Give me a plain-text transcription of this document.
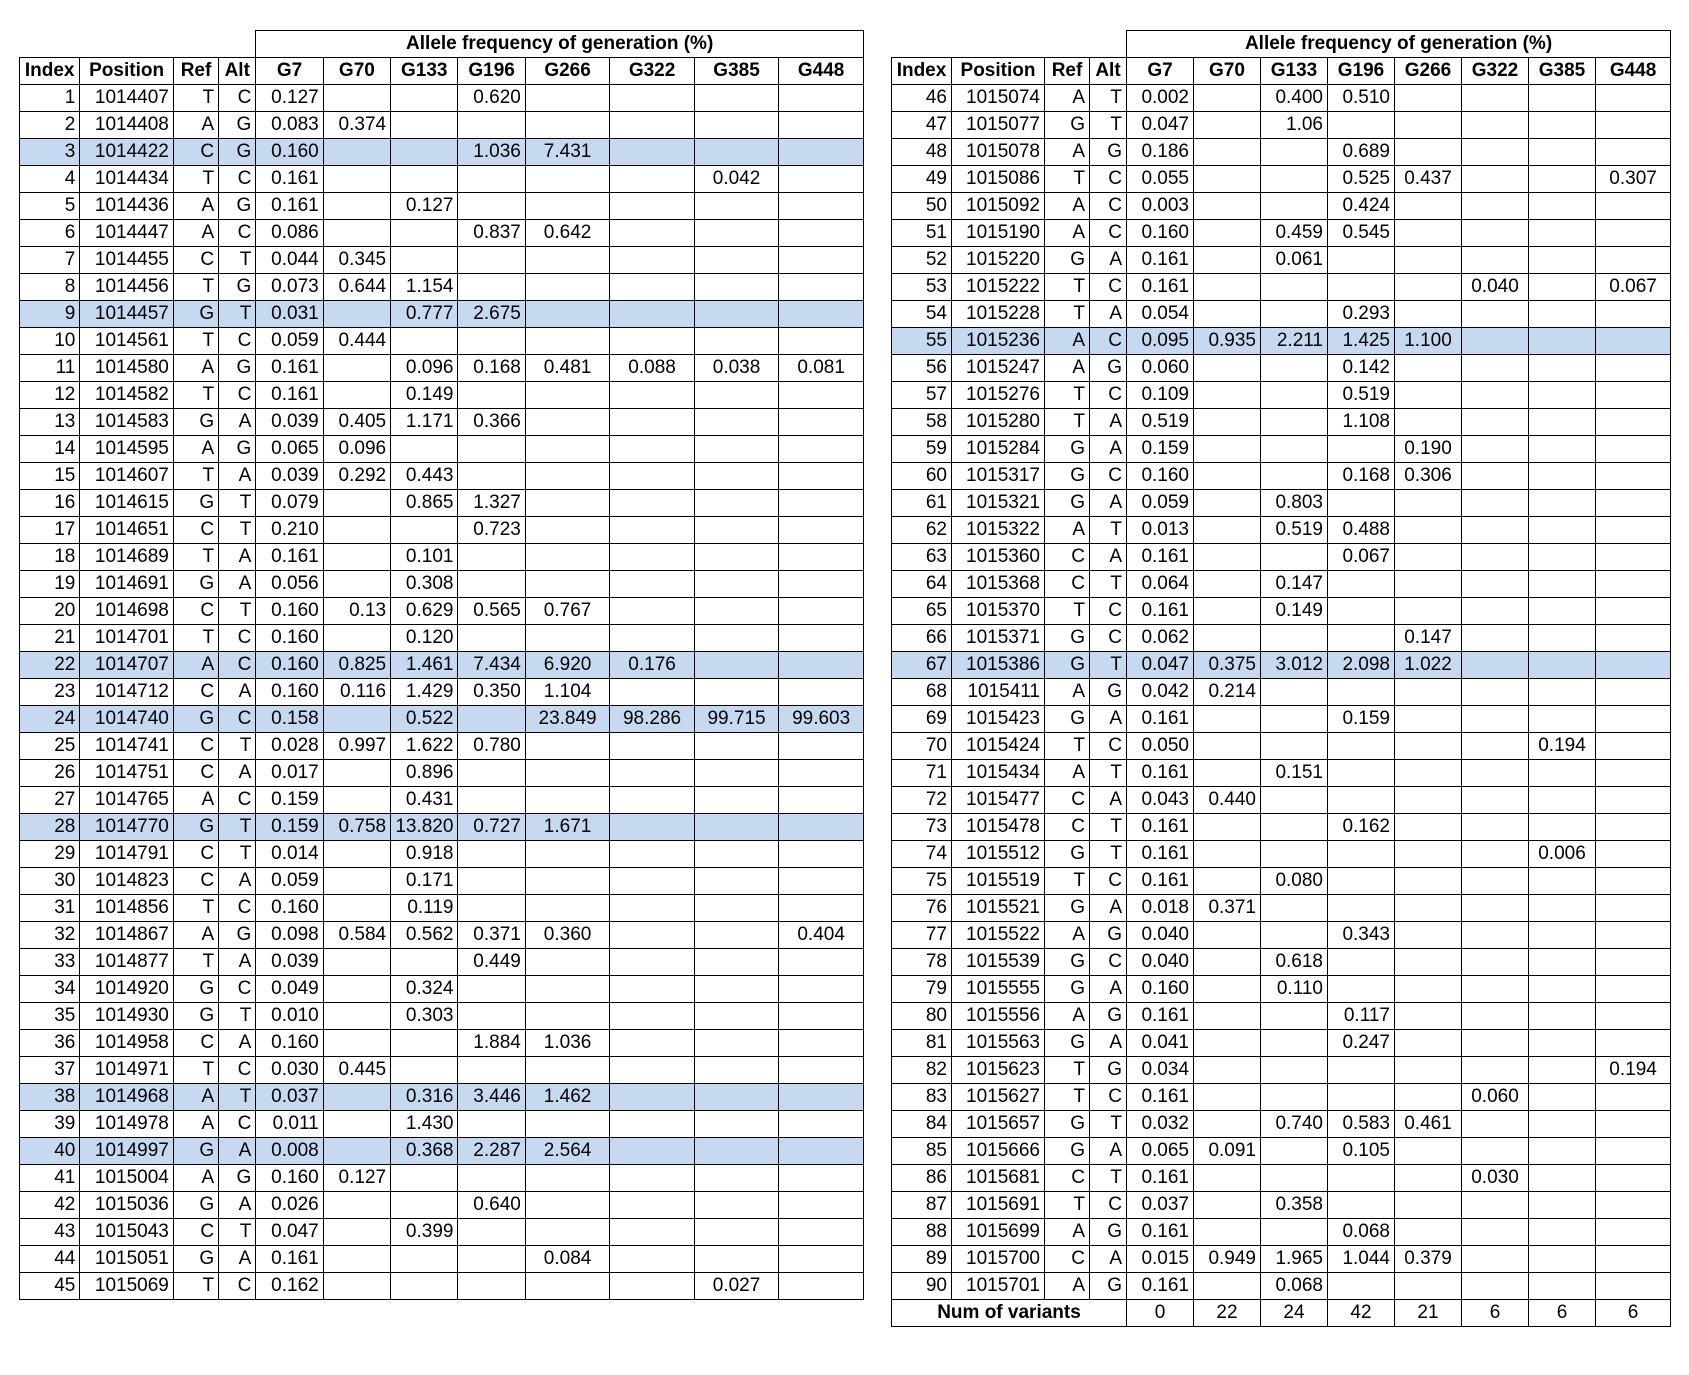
				Allele frequency of generation (%)							
Index	Position	Ref	Alt	G7	G70	G133	G196	G266	G322	G385	G448
1	1014407	T	C	0.127			0.620				
2	1014408	A	G	0.083	0.374						
3	1014422	C	G	0.160			1.036	7.431			
4	1014434	T	C	0.161						0.042	
5	1014436	A	G	0.161		0.127					
6	1014447	A	C	0.086			0.837	0.642			
7	1014455	C	T	0.044	0.345						
8	1014456	T	G	0.073	0.644	1.154					
9	1014457	G	T	0.031		0.777	2.675				
10	1014561	T	C	0.059	0.444						
11	1014580	A	G	0.161		0.096	0.168	0.481	0.088	0.038	0.081
12	1014582	T	C	0.161		0.149					
13	1014583	G	A	0.039	0.405	1.171	0.366				
14	1014595	A	G	0.065	0.096						
15	1014607	T	A	0.039	0.292	0.443					
16	1014615	G	T	0.079		0.865	1.327				
17	1014651	C	T	0.210			0.723				
18	1014689	T	A	0.161		0.101					
19	1014691	G	A	0.056		0.308					
20	1014698	C	T	0.160	0.13	0.629	0.565	0.767			
21	1014701	T	C	0.160		0.120					
22	1014707	A	C	0.160	0.825	1.461	7.434	6.920	0.176		
23	1014712	C	A	0.160	0.116	1.429	0.350	1.104			
24	1014740	G	C	0.158		0.522		23.849	98.286	99.715	99.603
25	1014741	C	T	0.028	0.997	1.622	0.780				
26	1014751	C	A	0.017		0.896					
27	1014765	A	C	0.159		0.431					
28	1014770	G	T	0.159	0.758	13.820	0.727	1.671			
29	1014791	C	T	0.014		0.918					
30	1014823	C	A	0.059		0.171					
31	1014856	T	C	0.160		0.119					
32	1014867	A	G	0.098	0.584	0.562	0.371	0.360			0.404
33	1014877	T	A	0.039			0.449				
34	1014920	G	C	0.049		0.324					
35	1014930	G	T	0.010		0.303					
36	1014958	C	A	0.160			1.884	1.036			
37	1014971	T	C	0.030	0.445						
38	1014968	A	T	0.037		0.316	3.446	1.462			
39	1014978	A	C	0.011		1.430					
40	1014997	G	A	0.008		0.368	2.287	2.564			
41	1015004	A	G	0.160	0.127						
42	1015036	G	A	0.026			0.640				
43	1015043	C	T	0.047		0.399					
44	1015051	G	A	0.161				0.084			
45	1015069	T	C	0.162						0.027	
				Allele frequency of generation (%)							
Index	Position	Ref	Alt	G7	G70	G133	G196	G266	G322	G385	G448
46	1015074	A	T	0.002		0.400	0.510				
47	1015077	G	T	0.047		1.06					
48	1015078	A	G	0.186			0.689				
49	1015086	T	C	0.055			0.525	0.437			0.307
50	1015092	A	C	0.003			0.424				
51	1015190	A	C	0.160		0.459	0.545				
52	1015220	G	A	0.161		0.061					
53	1015222	T	C	0.161					0.040		0.067
54	1015228	T	A	0.054			0.293				
55	1015236	A	C	0.095	0.935	2.211	1.425	1.100			
56	1015247	A	G	0.060			0.142				
57	1015276	T	C	0.109			0.519				
58	1015280	T	A	0.519			1.108				
59	1015284	G	A	0.159				0.190			
60	1015317	G	C	0.160			0.168	0.306			
61	1015321	G	A	0.059		0.803					
62	1015322	A	T	0.013		0.519	0.488				
63	1015360	C	A	0.161			0.067				
64	1015368	C	T	0.064		0.147					
65	1015370	T	C	0.161		0.149					
66	1015371	G	C	0.062				0.147			
67	1015386	G	T	0.047	0.375	3.012	2.098	1.022			
68	1015411	A	G	0.042	0.214						
69	1015423	G	A	0.161			0.159				
70	1015424	T	C	0.050						0.194	
71	1015434	A	T	0.161		0.151					
72	1015477	C	A	0.043	0.440						
73	1015478	C	T	0.161			0.162				
74	1015512	G	T	0.161						0.006	
75	1015519	T	C	0.161		0.080					
76	1015521	G	A	0.018	0.371						
77	1015522	A	G	0.040			0.343				
78	1015539	G	C	0.040		0.618					
79	1015555	G	A	0.160		0.110					
80	1015556	A	G	0.161			0.117				
81	1015563	G	A	0.041			0.247				
82	1015623	T	G	0.034							0.194
83	1015627	T	C	0.161					0.060		
84	1015657	G	T	0.032		0.740	0.583	0.461			
85	1015666	G	A	0.065	0.091		0.105				
86	1015681	C	T	0.161					0.030		
87	1015691	T	C	0.037		0.358					
88	1015699	A	G	0.161			0.068				
89	1015700	C	A	0.015	0.949	1.965	1.044	0.379			
90	1015701	A	G	0.161		0.068					
Num of variants				0	22	24	42	21	6	6	6
